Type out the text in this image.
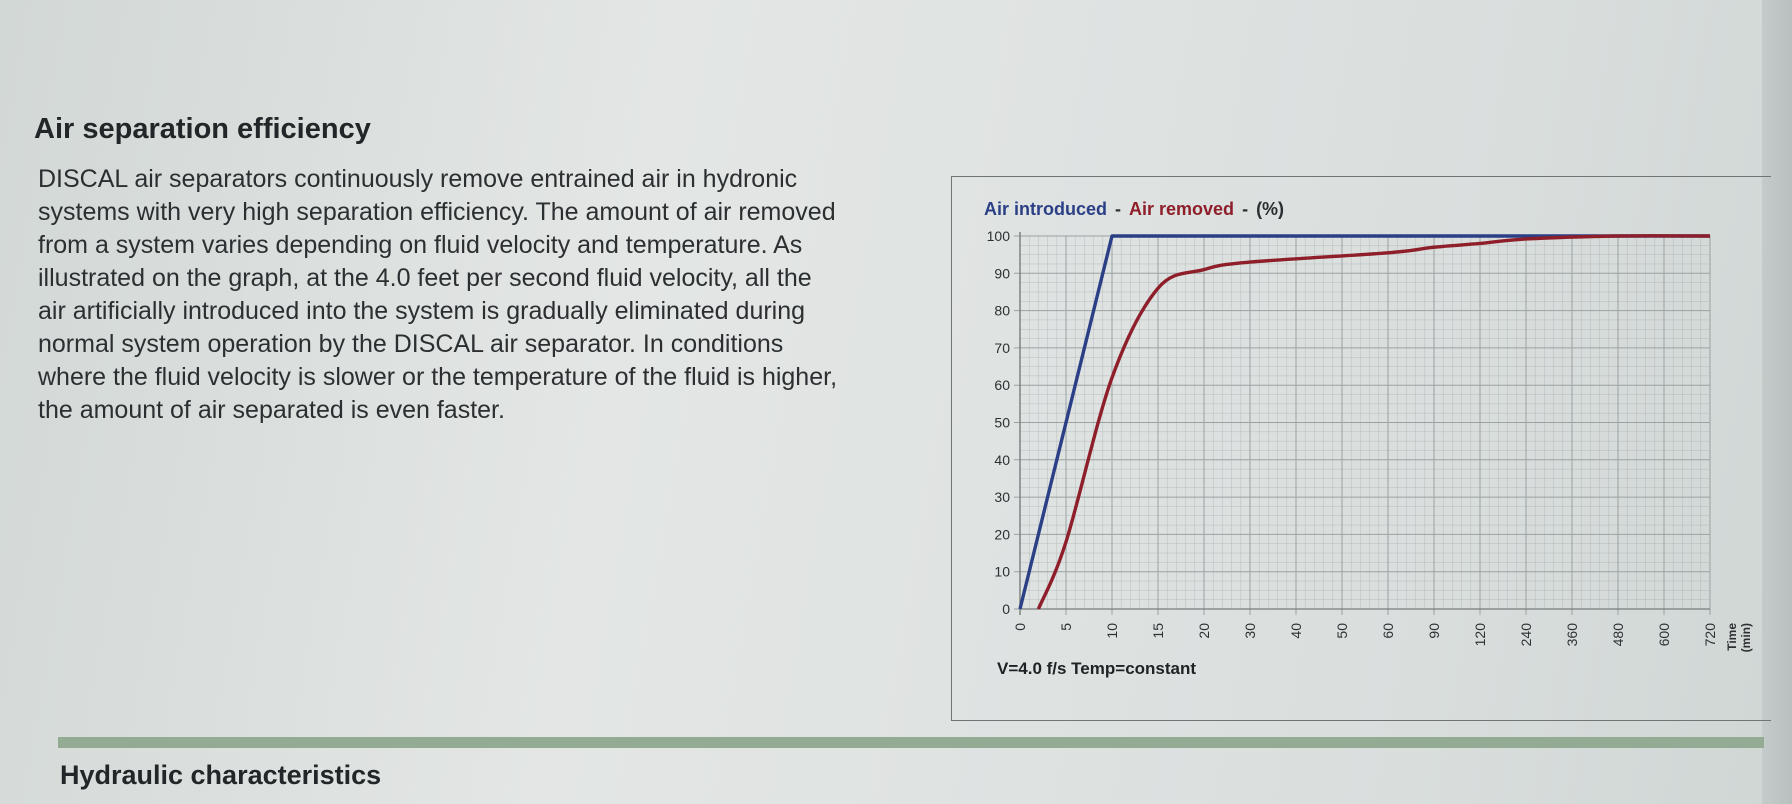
Air separation efficiency

DISCAL air separators continuously remove entrained air in hydronic
systems with very high separation efficiency. The amount of air removed
from a system varies depending on fluid velocity and temperature. As
illustrated on the graph, at the 4.0 feet per second fluid velocity, all the
air artificially introduced into the system is gradually eliminated during
normal system operation by the DISCAL air separator. In conditions
where the fluid velocity is slower or the temperature of the fluid is higher,
the amount of air separated is even faster.

0
10
20
30
40
50
60
70
80
90
100
0 5 10 15 20 30 40 50 60 90 120 240 360 480 600 720 Time (min)
Air introduced - Air removed - (%)
V=4.0 f/s Temp=constant
Hydraulic characteristics
